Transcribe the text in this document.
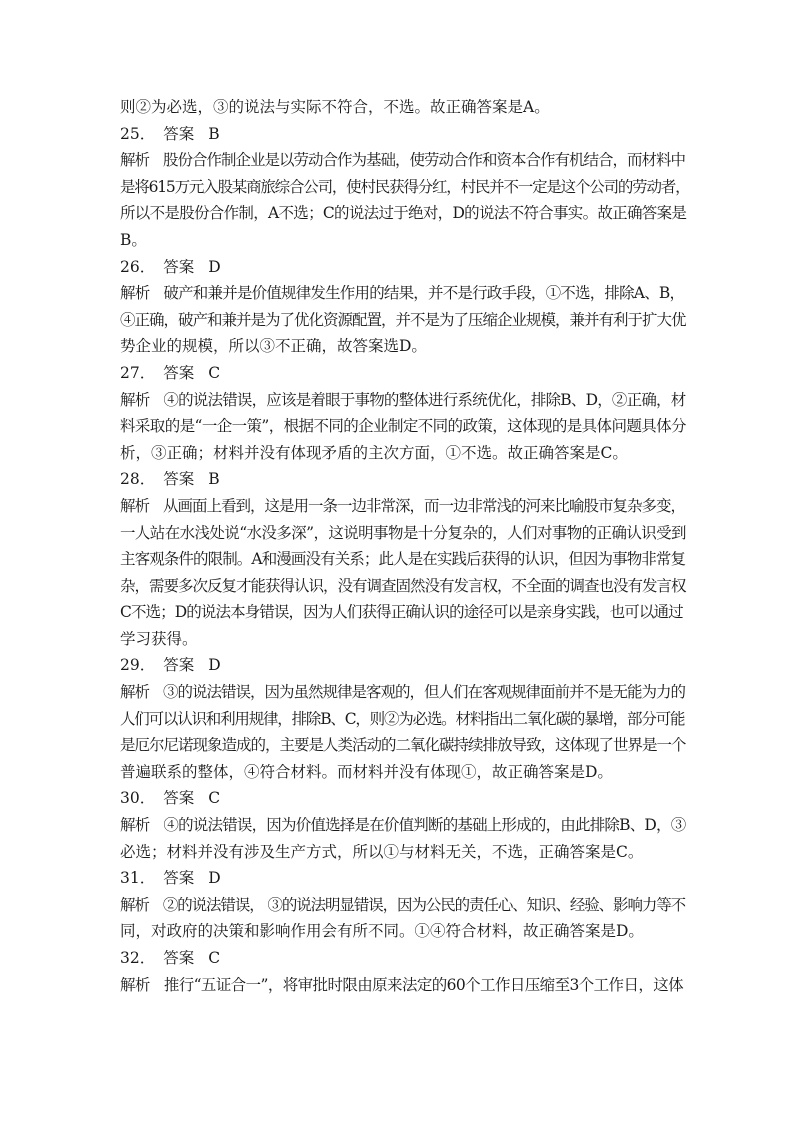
则②为必选，③的说法与实际不符合，不选。故正确答案是A。
25． 答案 B
解析 股份合作制企业是以劳动合作为基础，使劳动合作和资本合作有机结合，而材料中
是将615万元入股某商旅综合公司，使村民获得分红，村民并不一定是这个公司的劳动者，
所以不是股份合作制，A不选；C的说法过于绝对，D的说法不符合事实。故正确答案是
B。
26． 答案 D
解析 破产和兼并是价值规律发生作用的结果，并不是行政手段，①不选，排除A、B，
④正确，破产和兼并是为了优化资源配置，并不是为了压缩企业规模，兼并有利于扩大优
势企业的规模，所以③不正确，故答案选D。
27． 答案 C
解析 ④的说法错误，应该是着眼于事物的整体进行系统优化，排除B、D，②正确，材
料采取的是“一企一策”，根据不同的企业制定不同的政策，这体现的是具体问题具体分
析，③正确；材料并没有体现矛盾的主次方面，①不选。故正确答案是C。
28． 答案 B
解析 从画面上看到，这是用一条一边非常深，而一边非常浅的河来比喻股市复杂多变，
一人站在水浅处说“水没多深”，这说明事物是十分复杂的，人们对事物的正确认识受到
主客观条件的限制。A和漫画没有关系；此人是在实践后获得的认识，但因为事物非常复
杂，需要多次反复才能获得认识，没有调查固然没有发言权，不全面的调查也没有发言权
C不选；D的说法本身错误，因为人们获得正确认识的途径可以是亲身实践，也可以通过
学习获得。
29． 答案 D
解析 ③的说法错误，因为虽然规律是客观的，但人们在客观规律面前并不是无能为力的
人们可以认识和利用规律，排除B、C，则②为必选。材料指出二氧化碳的暴增，部分可能
是厄尔尼诺现象造成的，主要是人类活动的二氧化碳持续排放导致，这体现了世界是一个
普遍联系的整体，④符合材料。而材料并没有体现①，故正确答案是D。
30． 答案 C
解析 ④的说法错误，因为价值选择是在价值判断的基础上形成的，由此排除B、D，③
必选；材料并没有涉及生产方式，所以①与材料无关，不选，正确答案是C。
31． 答案 D
解析 ②的说法错误， ③的说法明显错误，因为公民的责任心、知识、经验、影响力等不
同，对政府的决策和影响作用会有所不同。①④符合材料，故正确答案是D。
32． 答案 C
解析 推行“五证合一”，将审批时限由原来法定的60个工作日压缩至3个工作日，这体
